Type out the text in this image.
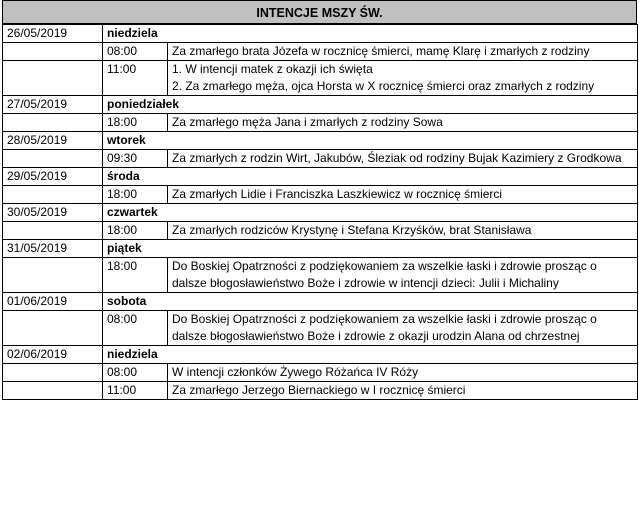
INTENCJE MSZY ŚW.
26/05/2019	niedziela	
	08:00	Za zmarłego brata Józefa w rocznicę śmierci, mamę Klarę i zmarłych z rodziny

	11:00	1. W intencji matek z okazji ich święta
2. Za zmarłego męża, ojca Horsta w X rocznicę śmierci oraz zmarłych z rodziny

27/05/2019	poniedziałek	
	18:00	Za zmarłego męża Jana i zmarłych z rodziny Sowa

28/05/2019	wtorek	
	09:30	Za zmarłych z rodzin Wirt, Jakubów, Śleziak od rodziny Bujak Kazimiery z Grodkowa

29/05/2019	środa	
	18:00	Za zmarłych Lidie i Franciszka Laszkiewicz w rocznicę śmierci

30/05/2019	czwartek	
	18:00	Za zmarłych rodziców Krystynę i Stefana Krzyśków, brat Stanisława

31/05/2019	piątek	
	18:00	Do Boskiej Opatrzności z podziękowaniem za wszelkie łaski i zdrowie prosząc o dalsze błogosławieństwo Boże i zdrowie w intencji dzieci: Julii i Michaliny

01/06/2019	sobota	
	08:00	Do Boskiej Opatrzności z podziękowaniem za wszelkie łaski i zdrowie prosząc o dalsze błogosławieństwo Boże i zdrowie z okazji urodzin Alana od chrzestnej

02/06/2019	niedziela	
	08:00	W intencji członków Żywego Różańca IV Róży

	11:00	Za zmarłego Jerzego Biernackiego w I rocznicę śmierci
